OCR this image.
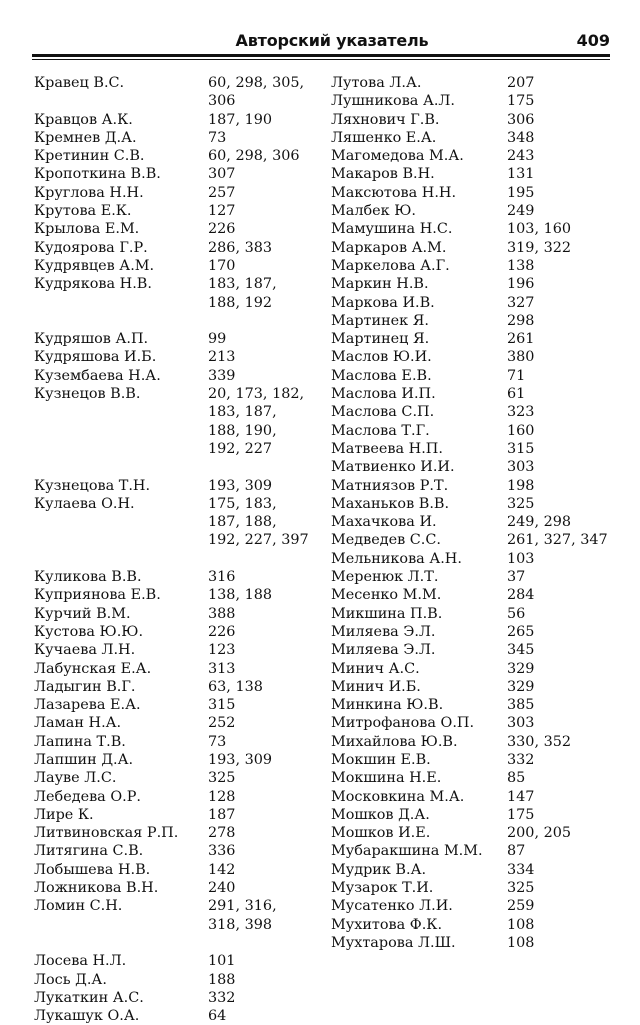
Авторский указатель	409
Кравец В.С.	60, 298, 305,
306
Кравцов А.К.	187, 190
Кремнев Д.А.	73
Кретинин С.В.	60, 298, 306
Кропоткина В.В.	307
Круглова Н.Н.	257
Крутова Е.К.	127
Крылова Е.М.	226
Кудоярова Г.Р.	286, 383
Кудрявцев А.М.	170
Кудрякова Н.В.	183, 187,
188, 192
Кудряшов А.П.	99
Кудряшова И.Б.	213
Кузембаева Н.А.	339
Кузнецов В.В.	20, 173, 182,
183, 187,
188, 190,
192, 227
Кузнецова Т.Н.	193, 309
Кулаева О.Н.	175, 183,
187, 188,
192, 227, 397
Куликова В.В.	316
Куприянова Е.В.	138, 188
Курчий В.М.	388
Кустова Ю.Ю.	226
Кучаева Л.Н.	123
Лабунская Е.А.	313
Ладыгин В.Г.	63, 138
Лазарева Е.А.	315
Ламан Н.А.	252
Лапина Т.В.	73
Лапшин Д.А.	193, 309
Лауве Л.С.	325
Лебедева О.Р.	128
Лире К.	187
Литвиновская Р.П.	278
Литягина С.В.	336
Лобышева Н.В.	142
Ложникова В.Н.	240
Ломин С.Н.	291, 316,
318, 398
Лосева Н.Л.	101
Лось Д.А.	188
Лукаткин А.С.	332
Лукашук О.А.	64
Лутова Л.А.	207
Лушникова А.Л.	175
Ляхнович Г.В.	306
Ляшенко Е.А.	348
Магомедова М.А.	243
Макаров В.Н.	131
Максютова Н.Н.	195
Малбек Ю.	249
Мамушина Н.С.	103, 160
Маркаров А.М.	319, 322
Маркелова А.Г.	138
Маркин Н.В.	196
Маркова И.В.	327
Мартинек Я.	298
Мартинец Я.	261
Маслов Ю.И.	380
Маслова Е.В.	71
Маслова И.П.	61
Маслова С.П.	323
Маслова Т.Г.	160
Матвеева Н.П.	315
Матвиенко И.И.	303
Матниязов Р.Т.	198
Маханьков В.В.	325
Махачкова И.	249, 298
Медведев С.С.	261, 327, 347
Мельникова А.Н.	103
Меренюк Л.Т.	37
Месенко М.М.	284
Микшина П.В.	56
Миляева Э.Л.	265
Миляева Э.Л.	345
Минич А.С.	329
Минич И.Б.	329
Минкина Ю.В.	385
Митрофанова О.П.	303
Михайлова Ю.В.	330, 352
Мокшин Е.В.	332
Мокшина Н.Е.	85
Московкина М.А.	147
Мошков Д.А.	175
Мошков И.Е.	200, 205
Мубаракшина М.М.	87
Мудрик В.А.	334
Музарок Т.И.	325
Мусатенко Л.И.	259
Мухитова Ф.К.	108
Мухтарова Л.Ш.	108
